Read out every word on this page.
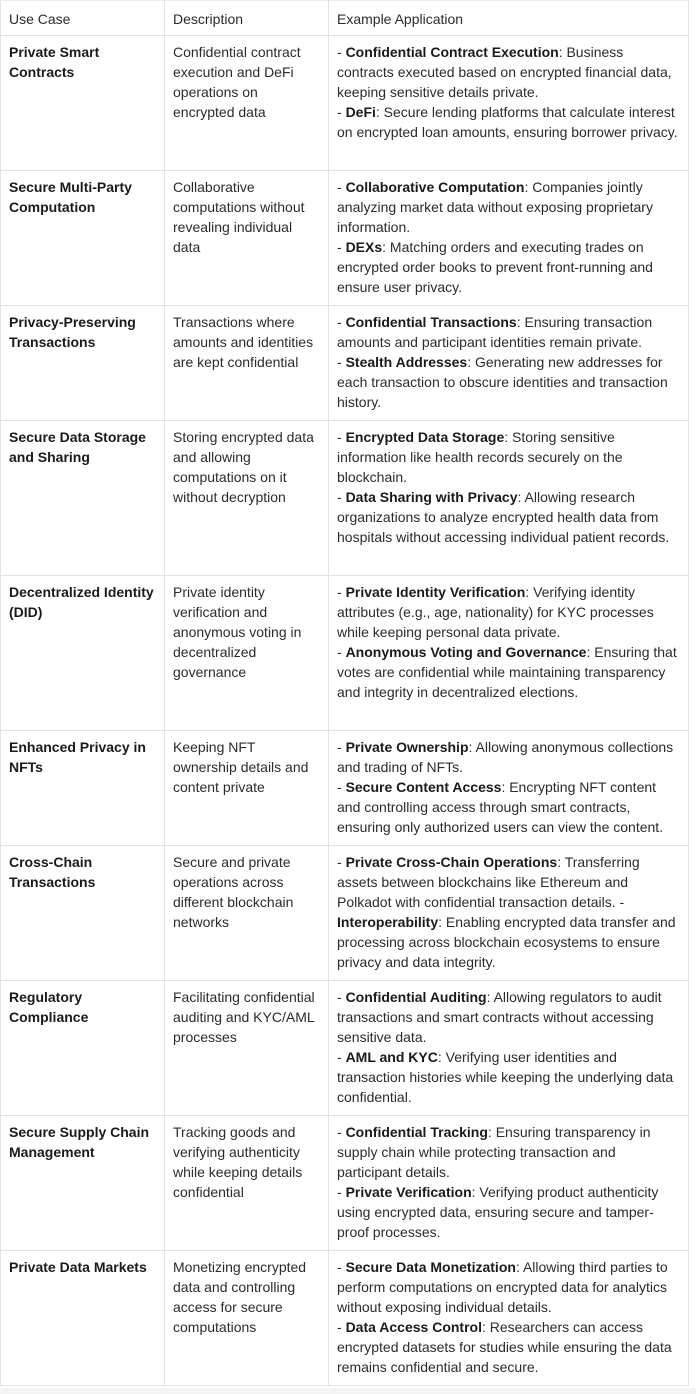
Use Case	Description	Example Application
Private Smart Contracts	Confidential contract execution and DeFi operations on encrypted data	- Confidential Contract Execution: Business contracts executed based on encrypted financial data, keeping sensitive details private.
- DeFi: Secure lending platforms that calculate interest on encrypted loan amounts, ensuring borrower privacy.
Secure Multi-Party Computation	Collaborative computations without revealing individual data	- Collaborative Computation: Companies jointly analyzing market data without exposing proprietary information.
- DEXs: Matching orders and executing trades on encrypted order books to prevent front-running and ensure user privacy.
Privacy-Preserving Transactions	Transactions where amounts and identities are kept confidential	- Confidential Transactions: Ensuring transaction amounts and participant identities remain private.
- Stealth Addresses: Generating new addresses for each transaction to obscure identities and transaction history.
Secure Data Storage and Sharing	Storing encrypted data and allowing computations on it without decryption	- Encrypted Data Storage: Storing sensitive information like health records securely on the blockchain.
- Data Sharing with Privacy: Allowing research organizations to analyze encrypted health data from hospitals without accessing individual patient records.
Decentralized Identity (DID)	Private identity verification and anonymous voting in decentralized governance	- Private Identity Verification: Verifying identity attributes (e.g., age, nationality) for KYC processes while keeping personal data private.
- Anonymous Voting and Governance: Ensuring that votes are confidential while maintaining transparency and integrity in decentralized elections.
Enhanced Privacy in NFTs	Keeping NFT ownership details and content private	- Private Ownership: Allowing anonymous collections and trading of NFTs.
- Secure Content Access: Encrypting NFT content and controlling access through smart contracts, ensuring only authorized users can view the content.
Cross-Chain Transactions	Secure and private operations across different blockchain networks	- Private Cross-Chain Operations: Transferring assets between blockchains like Ethereum and Polkadot with confidential transaction details. - Interoperability: Enabling encrypted data transfer and processing across blockchain ecosystems to ensure privacy and data integrity.
Regulatory Compliance	Facilitating confidential auditing and KYC/AML processes	- Confidential Auditing: Allowing regulators to audit transactions and smart contracts without accessing sensitive data.
- AML and KYC: Verifying user identities and transaction histories while keeping the underlying data confidential.
Secure Supply Chain Management	Tracking goods and verifying authenticity while keeping details confidential	- Confidential Tracking: Ensuring transparency in supply chain while protecting transaction and participant details.
- Private Verification: Verifying product authenticity using encrypted data, ensuring secure and tamper-proof processes.
Private Data Markets	Monetizing encrypted data and controlling access for secure computations	- Secure Data Monetization: Allowing third parties to perform computations on encrypted data for analytics without exposing individual details.
- Data Access Control: Researchers can access encrypted datasets for studies while ensuring the data remains confidential and secure.
